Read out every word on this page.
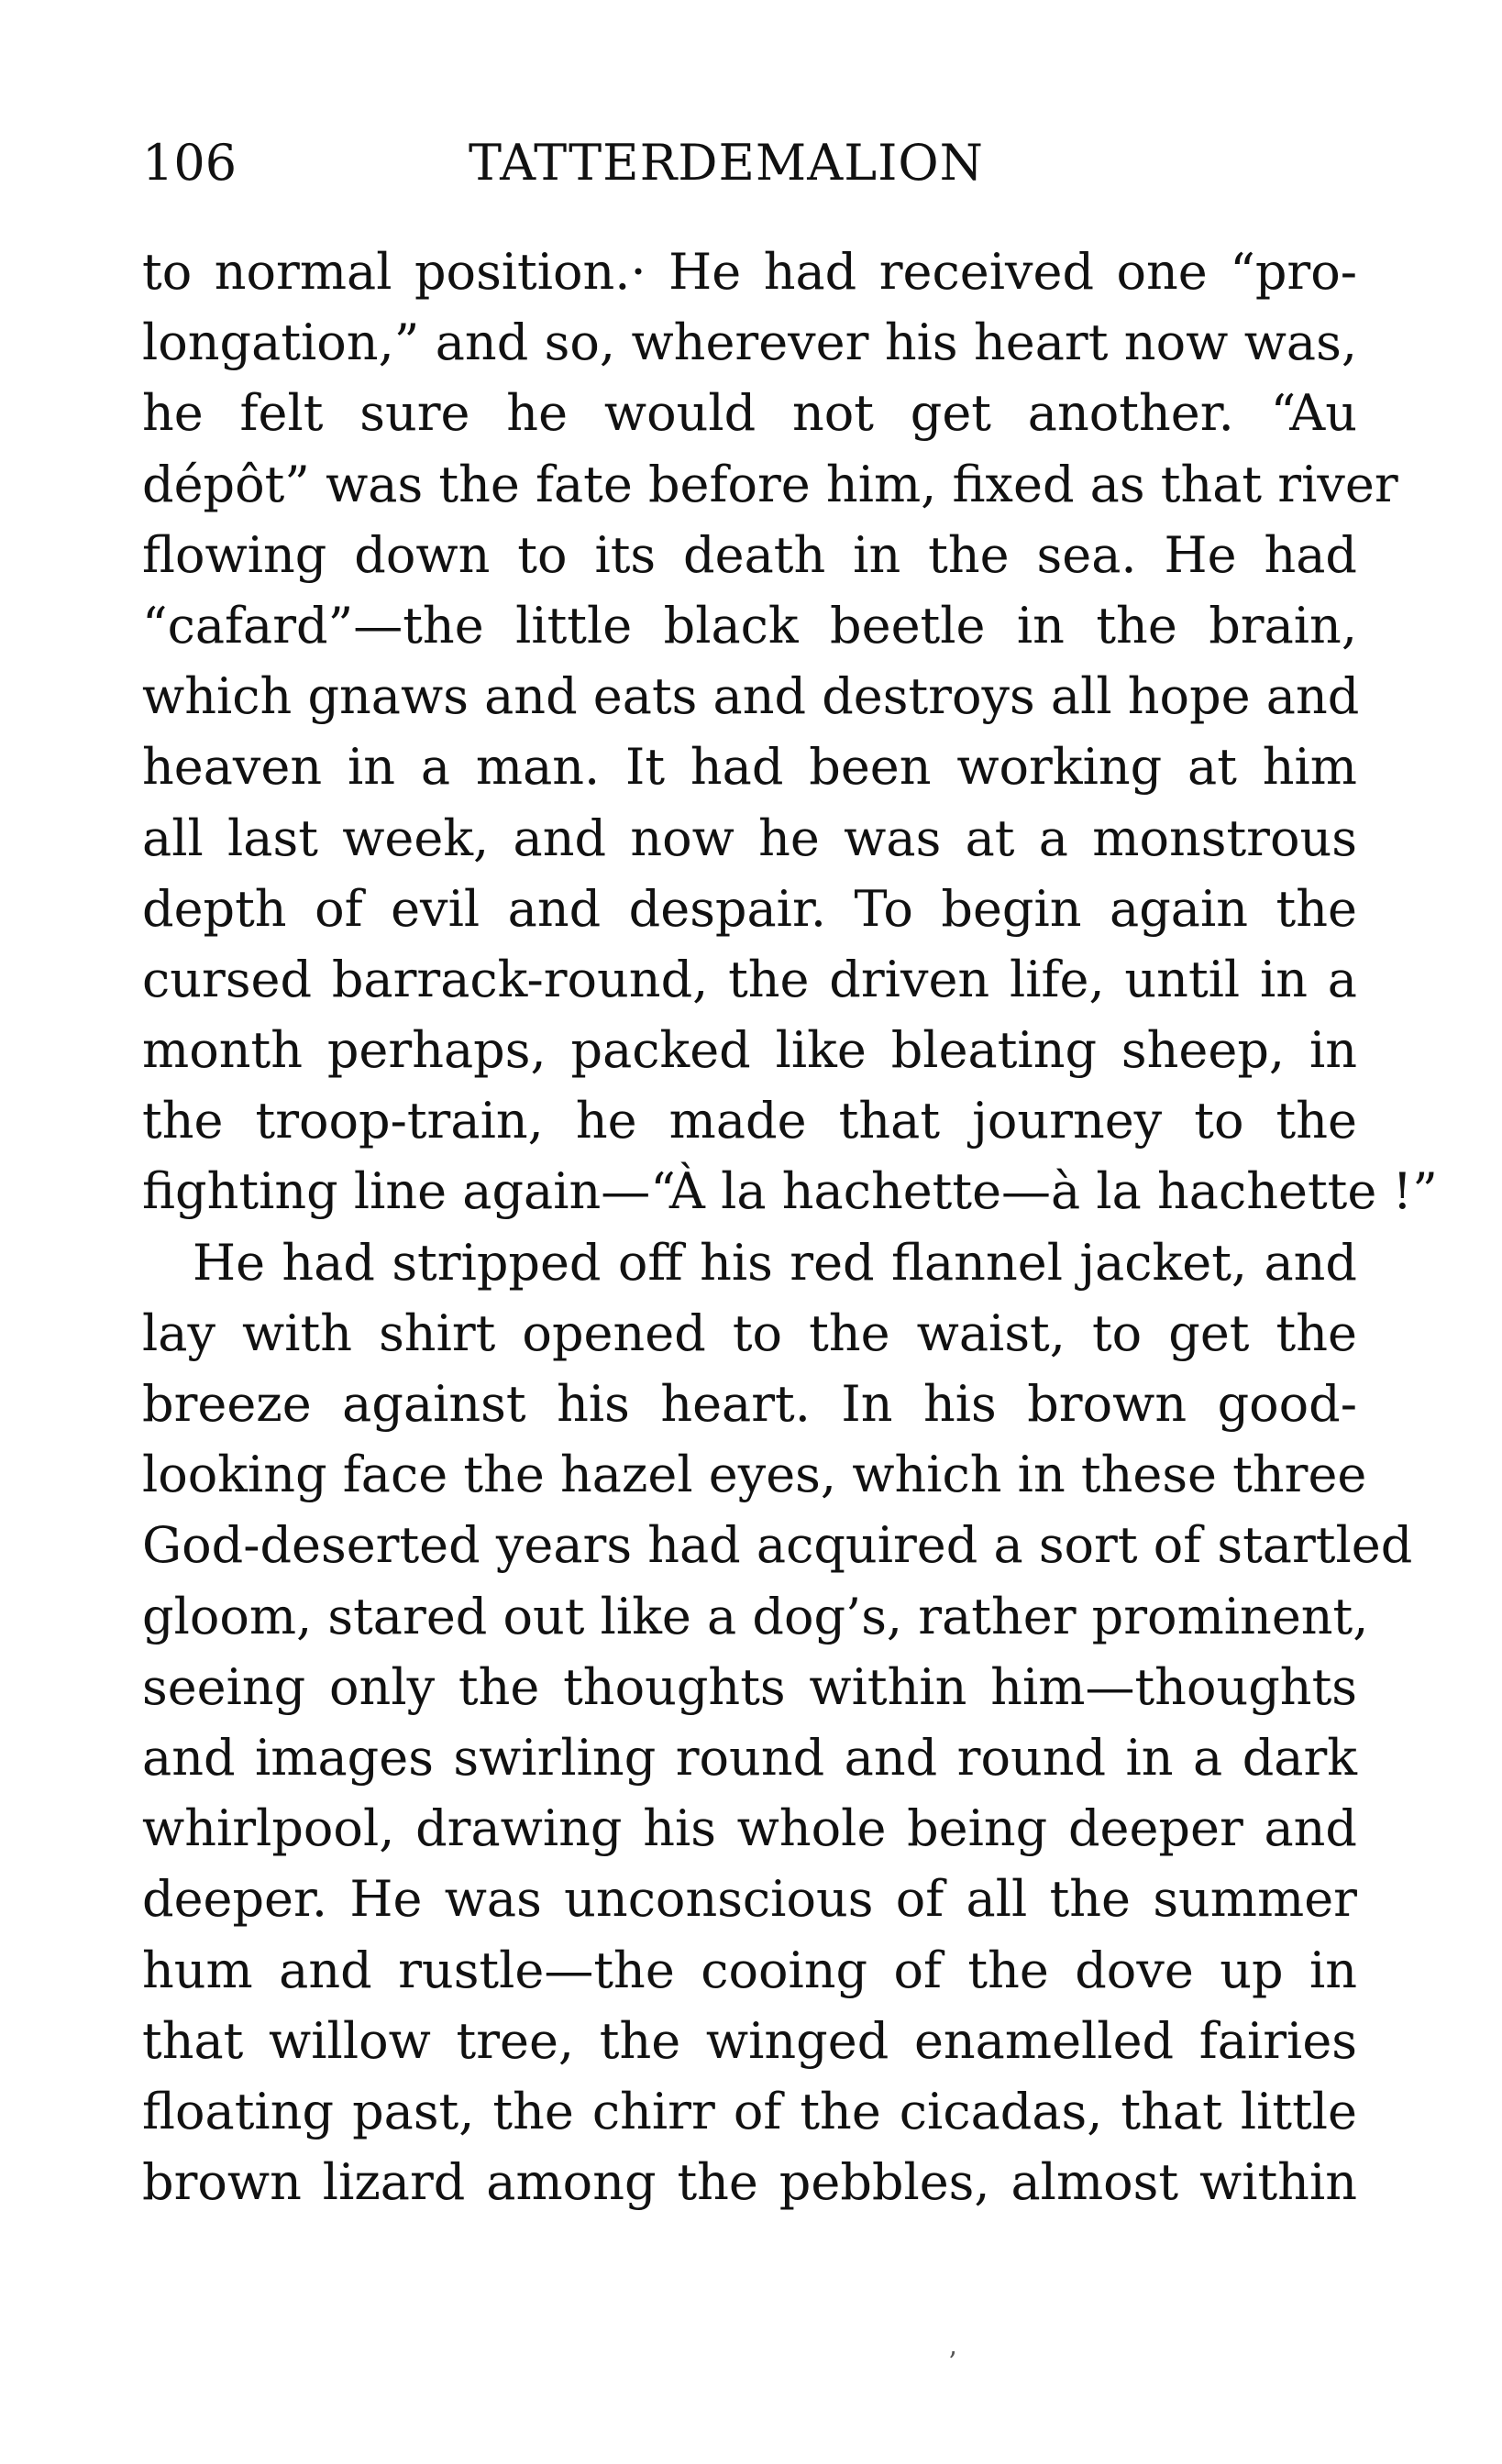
106	TATTERDEMALION
to normal position.· He had received one “pro-
longation,” and so, wherever his heart now was,
he felt sure he would not get another. “Au
dépôt” was the fate before him, fixed as that river
flowing down to its death in the sea. He had
“cafard”—the little black beetle in the brain,
which gnaws and eats and destroys all hope and
heaven in a man. It had been working at him
all last week, and now he was at a monstrous
depth of evil and despair. To begin again the
cursed barrack-round, the driven life, until in a
month perhaps, packed like bleating sheep, in
the troop-train, he made that journey to the
fighting line again—“À la hachette—à la hachette !”
He had stripped off his red flannel jacket, and
lay with shirt opened to the waist, to get the
breeze against his heart. In his brown good-
looking face the hazel eyes, which in these three
God-deserted years had acquired a sort of startled
gloom, stared out like a dog’s, rather prominent,
seeing only the thoughts within him—thoughts
and images swirling round and round in a dark
whirlpool, drawing his whole being deeper and
deeper. He was unconscious of all the summer
hum and rustle—the cooing of the dove up in
that willow tree, the winged enamelled fairies
floating past, the chirr of the cicadas, that little
brown lizard among the pebbles, almost within
’
